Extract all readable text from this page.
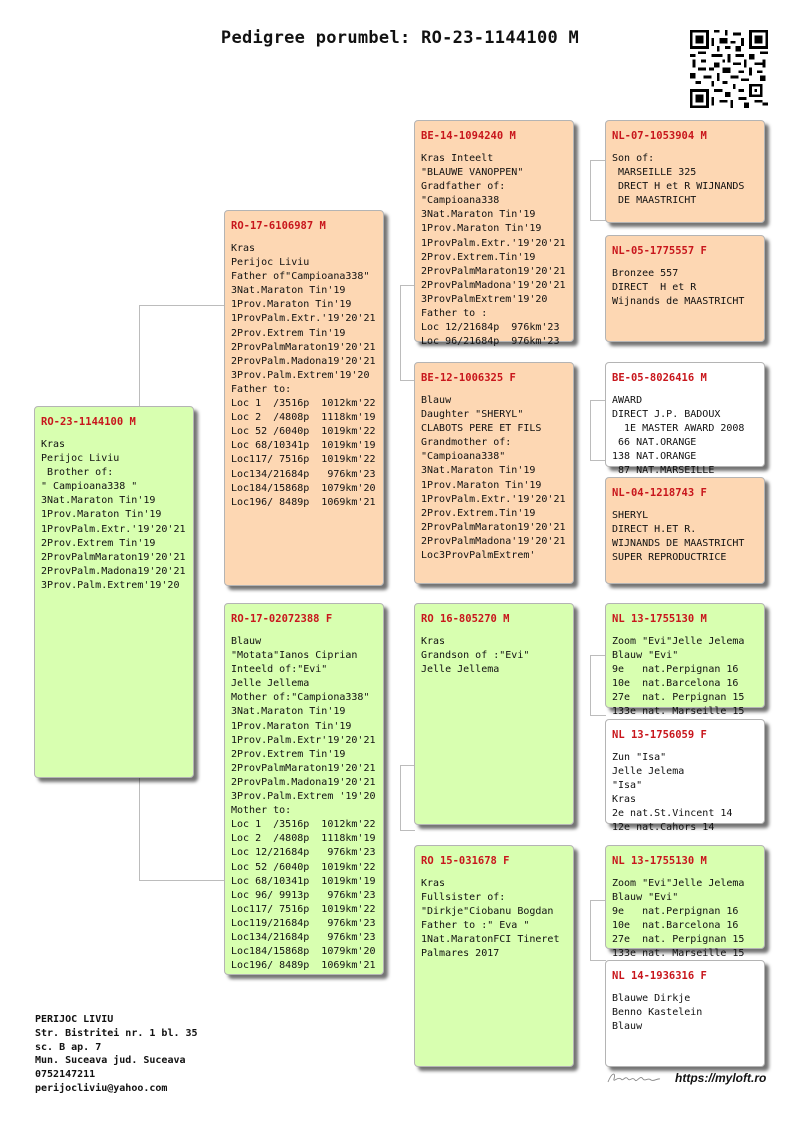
Pedigree porumbel: RO-23-1144100 M
RO-23-1144100 M
Kras
Perijoc Liviu
Brother of:
" Campioana338 "
3Nat.Maraton Tin'19
1Prov.Maraton Tin'19
1ProvPalm.Extr.'19'20'21
2Prov.Extrem Tin'19
2ProvPalmMaraton19'20'21
2ProvPalm.Madona19'20'21
3Prov.Palm.Extrem'19'20
RO-17-6106987 M
Kras
Perijoc Liviu
Father of"Campioana338"
3Nat.Maraton Tin'19
1Prov.Maraton Tin'19
1ProvPalm.Extr.'19'20'21
2Prov.Extrem Tin'19
2ProvPalmMaraton19'20'21
2ProvPalm.Madona19'20'21
3Prov.Palm.Extrem'19'20
Father to:
Loc 1  /3516p  1012km'22
Loc 2  /4808p  1118km'19
Loc 52 /6040p  1019km'22
Loc 68/10341p  1019km'19
Loc117/ 7516p  1019km'22
Loc134/21684p   976km'23
Loc184/15868p  1079km'20
Loc196/ 8489p  1069km'21
RO-17-02072388 F
Blauw
"Motata"Ianos Ciprian
Inteeld of:"Evi"
Jelle Jellema
Mother of:"Campiona338"
3Nat.Maraton Tin'19
1Prov.Maraton Tin'19
1Prov.Palm.Extr'19'20'21
2Prov.Extrem Tin'19
2ProvPalmMaraton19'20'21
2ProvPalm.Madona19'20'21
3Prov.Palm.Extrem '19'20
Mother to:
Loc 1  /3516p  1012km'22
Loc 2  /4808p  1118km'19
Loc 12/21684p   976km'23
Loc 52 /6040p  1019km'22
Loc 68/10341p  1019km'19
Loc 96/ 9913p   976km'23
Loc117/ 7516p  1019km'22
Loc119/21684p   976km'23
Loc134/21684p   976km'23
Loc184/15868p  1079km'20
Loc196/ 8489p  1069km'21
BE-14-1094240 M
Kras Inteelt
"BLAUWE VANOPPEN"
Gradfather of:
"Campioana338
3Nat.Maraton Tin'19
1Prov.Maraton Tin'19
1ProvPalm.Extr.'19'20'21
2Prov.Extrem.Tin'19
2ProvPalmMaraton19'20'21
2ProvPalmMadona'19'20'21
3ProvPalmExtrem'19'20
Father to :
Loc 12/21684p  976km'23
Loc 96/21684p  976km'23
BE-12-1006325 F
Blauw
Daughter "SHERYL"
CLABOTS PERE ET FILS
Grandmother of:
"Campioana338"
3Nat.Maraton Tin'19
1Prov.Maraton Tin'19
1ProvPalm.Extr.'19'20'21
2Prov.Extrem.Tin'19
2ProvPalmMaraton19'20'21
2ProvPalmMadona'19'20'21
Loc3ProvPalmExtrem'
RO 16-805270 M
Kras
Grandson of :"Evi"
Jelle Jellema
RO 15-031678 F
Kras
Fullsister of:
"Dirkje"Ciobanu Bogdan
Father to :" Eva "
1Nat.MaratonFCI Tineret
Palmares 2017
NL-07-1053904 M
Son of:
MARSEILLE 325
DRECT H et R WIJNANDS
DE MAASTRICHT
NL-05-1775557 F
Bronzee 557
DIRECT  H et R
Wijnands de MAASTRICHT
BE-05-8026416 M
AWARD
DIRECT J.P. BADOUX
1E MASTER AWARD 2008
66 NAT.ORANGE
138 NAT.ORANGE
87 NAT.MARSEILLE
NL-04-1218743 F
SHERYL
DIRECT H.ET R.
WIJNANDS DE MAASTRICHT
SUPER REPRODUCTRICE
NL 13-1755130 M
Zoom "Evi"Jelle Jelema
Blauw "Evi"
9e   nat.Perpignan 16
10e  nat.Barcelona 16
27e  nat. Perpignan 15
133e nat. Marseille 15
NL 13-1756059 F
Zun "Isa"
Jelle Jelema
"Isa"
Kras
2e nat.St.Vincent 14
12e nat.Cahors 14
NL 13-1755130 M
Zoom "Evi"Jelle Jelema
Blauw "Evi"
9e   nat.Perpignan 16
10e  nat.Barcelona 16
27e  nat. Perpignan 15
133e nat. Marseille 15
NL 14-1936316 F
Blauwe Dirkje
Benno Kastelein
Blauw
PERIJOC LIVIU
Str. Bistritei nr. 1 bl. 35
sc. B ap. 7
Mun. Suceava jud. Suceava
0752147211
perijocliviu@yahoo.com
https://myloft.ro
